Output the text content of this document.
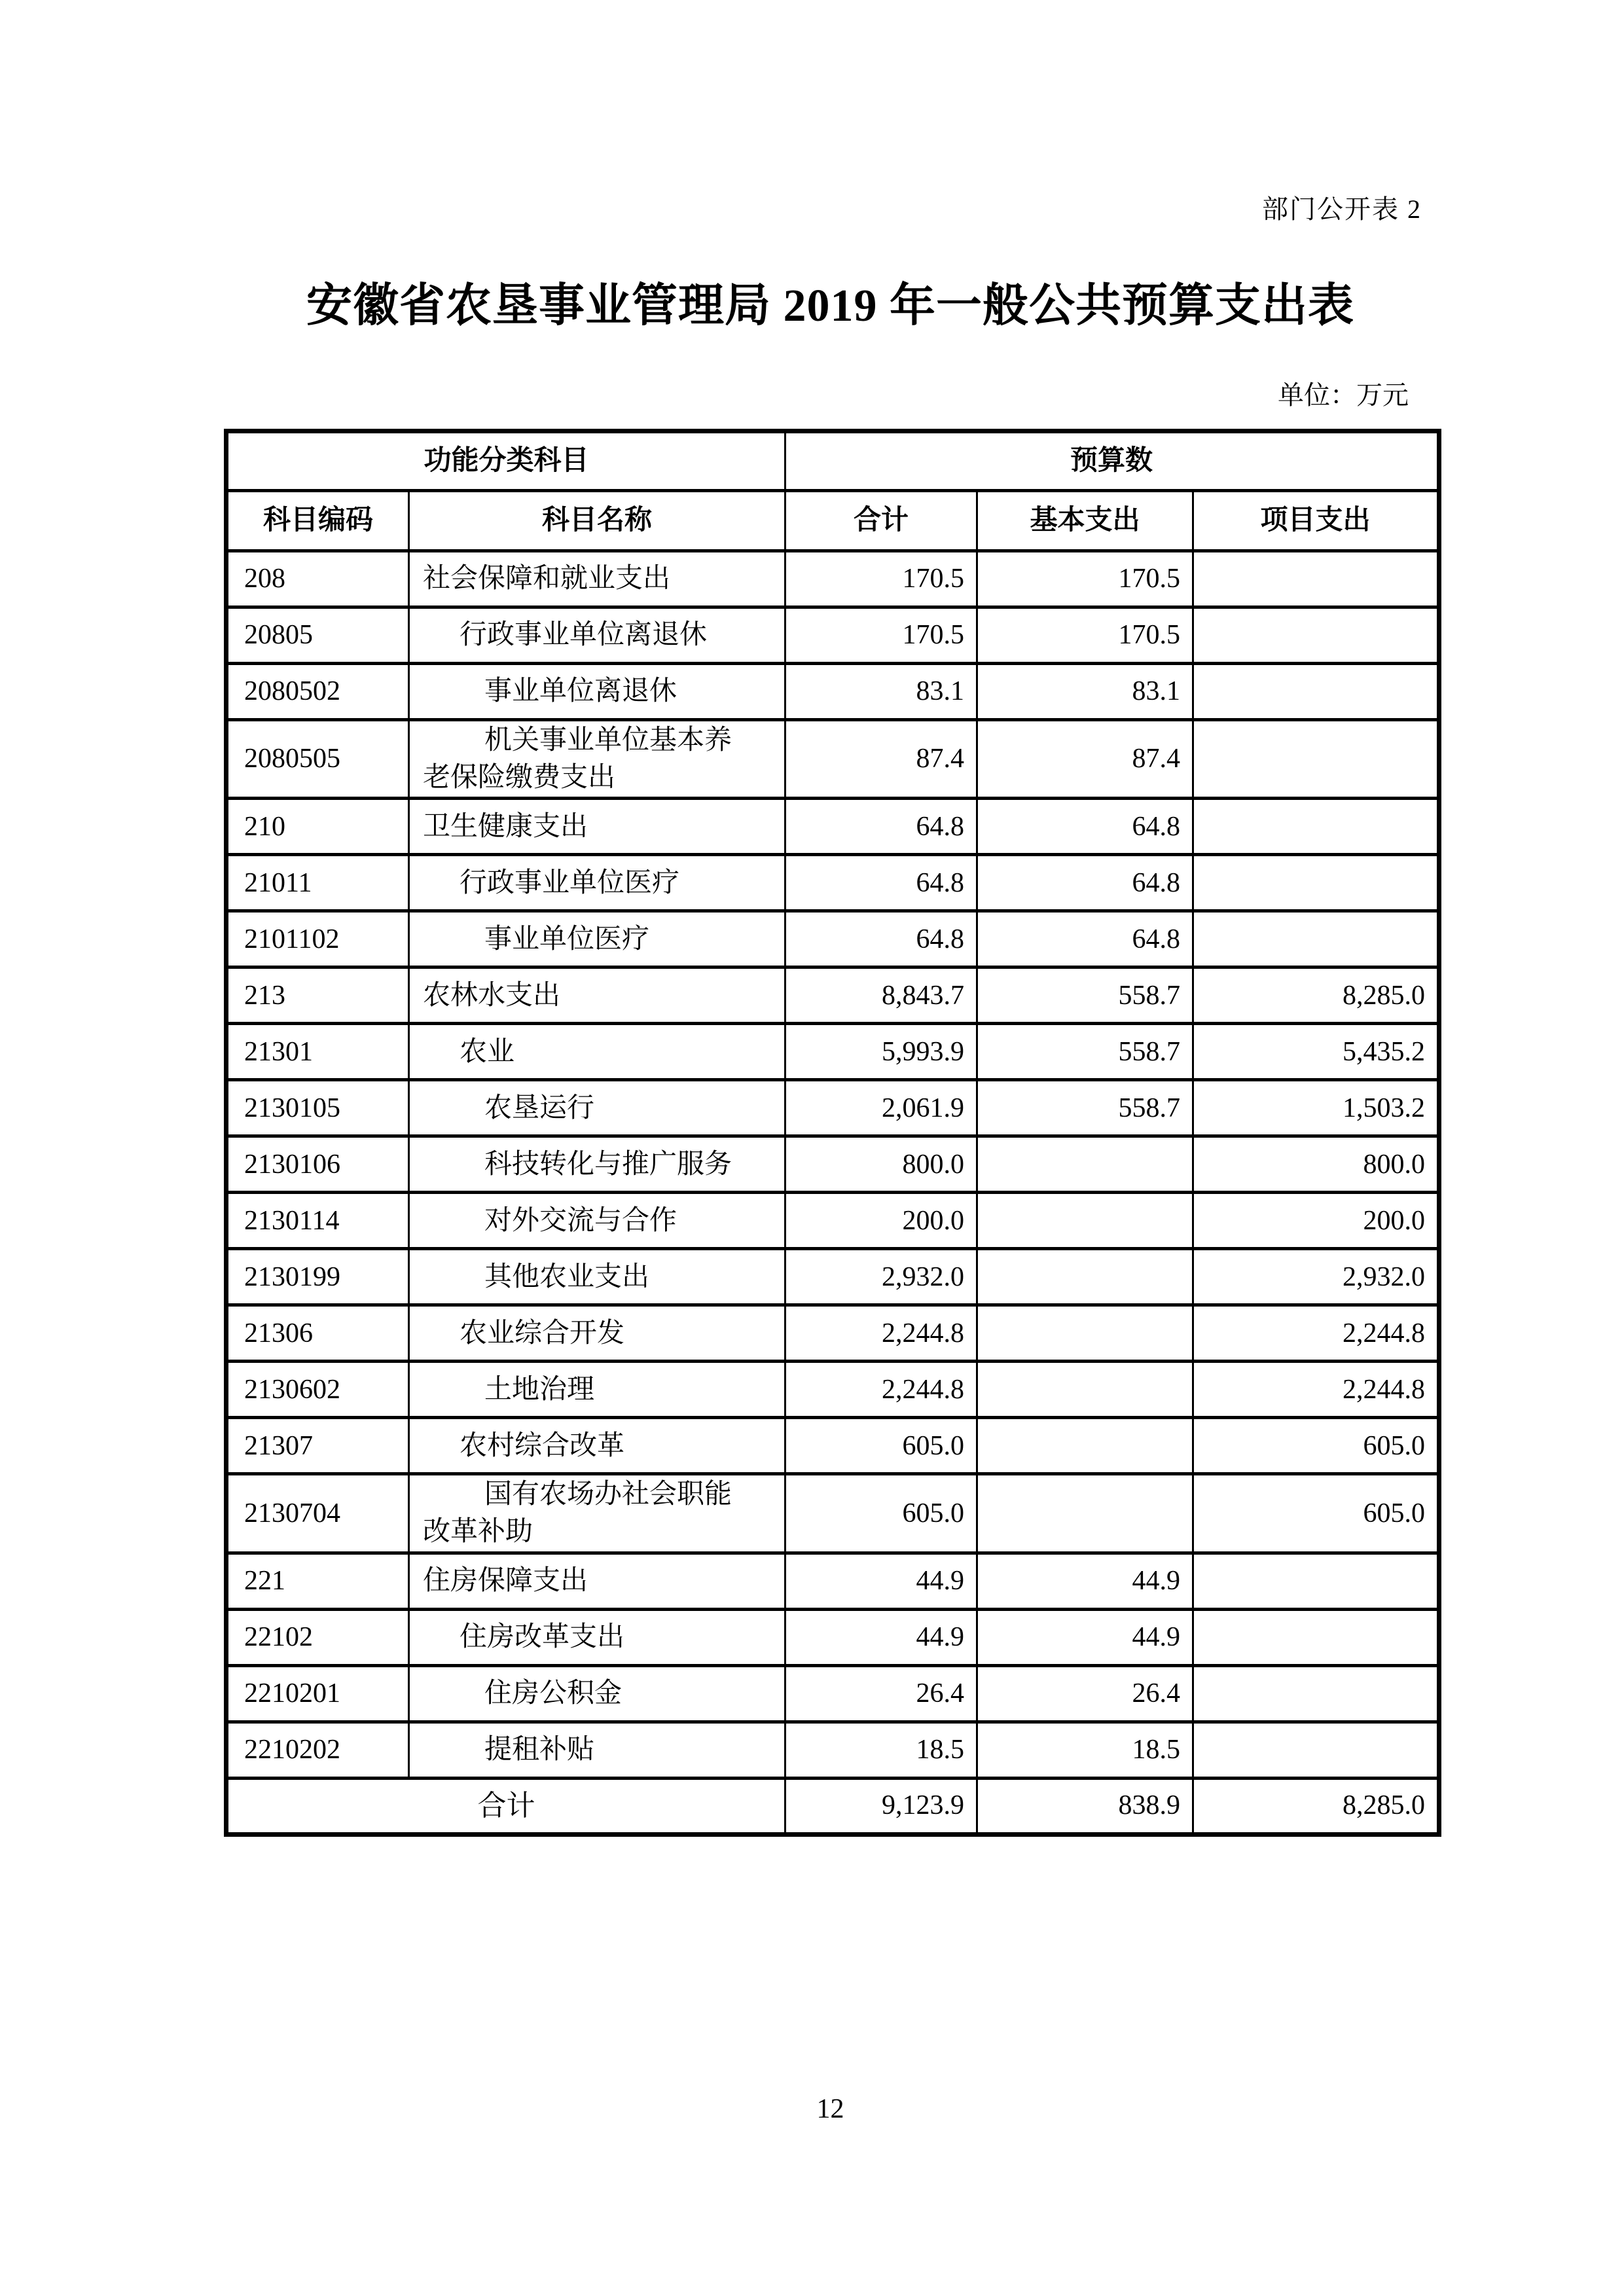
部门公开表 2
安徽省农垦事业管理局 2019 年一般公共预算支出表
单位：万元
功能分类科目		预算数		
科目编码	科目名称	合计	基本支出	项目支出
208	社会保障和就业支出	170.5	170.5	
20805	行政事业单位离退休	170.5	170.5	
2080502	事业单位离退休	83.1	83.1	
2080505	机关事业单位基本养老保险缴费支出	87.4	87.4	
210	卫生健康支出	64.8	64.8	
21011	行政事业单位医疗	64.8	64.8	
2101102	事业单位医疗	64.8	64.8	
213	农林水支出	8,843.7	558.7	8,285.0
21301	农业	5,993.9	558.7	5,435.2
2130105	农垦运行	2,061.9	558.7	1,503.2
2130106	科技转化与推广服务	800.0		800.0
2130114	对外交流与合作	200.0		200.0
2130199	其他农业支出	2,932.0		2,932.0
21306	农业综合开发	2,244.8		2,244.8
2130602	土地治理	2,244.8		2,244.8
21307	农村综合改革	605.0		605.0
2130704	国有农场办社会职能改革补助	605.0		605.0
221	住房保障支出	44.9	44.9	
22102	住房改革支出	44.9	44.9	
2210201	住房公积金	26.4	26.4	
2210202	提租补贴	18.5	18.5	
合计		9,123.9	838.9	8,285.0
12
